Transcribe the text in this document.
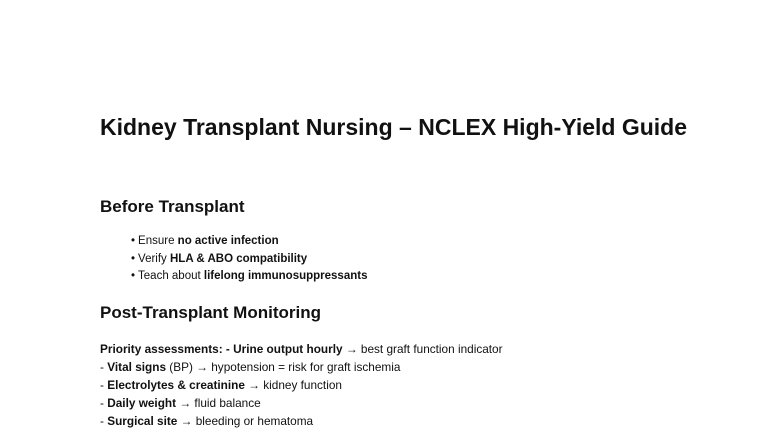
Kidney Transplant Nursing – NCLEX High-Yield Guide
Before Transplant
• Ensure no active infection
• Verify HLA & ABO compatibility
• Teach about lifelong immunosuppressants
Post-Transplant Monitoring
Priority assessments: - Urine output hourly → best graft function indicator
- Vital signs (BP) → hypotension = risk for graft ischemia
- Electrolytes & creatinine → kidney function
- Daily weight → fluid balance
- Surgical site → bleeding or hematoma
